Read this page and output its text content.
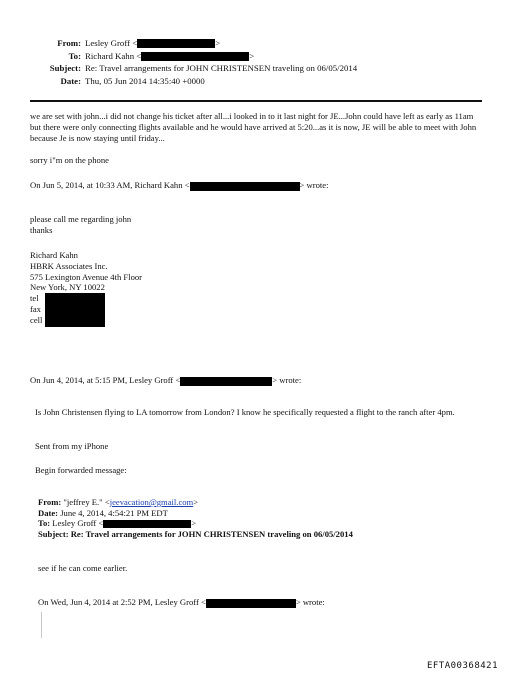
From: Lesley Groff <	>
To: Richard Kahn <	>
Subject: Re: Travel arrangements for JOHN CHRISTENSEN traveling on 06/05/2014
Date: Thu, 05 Jun 2014 14:35:40 +0000
we are set with john...i did not change his ticket after all...i looked in to it last night for JE...John could have left as early as 11am but there were only connecting flights available and he would have arrived at 5:20...as it is now, JE will be able to meet with John because Je is now staying until friday...
sorry i"m on the phone
On Jun 5, 2014, at 10:33 AM, Richard Kahn <	> wrote:
please call me regarding john
thanks
Richard Kahn
HBRK Associates Inc.
575 Lexington Avenue 4th Floor
New York, NY 10022
tel
fax
cell
On Jun 4, 2014, at 5:15 PM, Lesley Groff <	> wrote:
Is John Christensen flying to LA tomorrow from London? I know he specifically requested a flight to the ranch after 4pm.
Sent from my iPhone
Begin forwarded message:
From: "jeffrey E." <jeevacation@gmail.com>
Date: June 4, 2014, 4:54:21 PM EDT
To: Lesley Groff <	>
Subject: Re: Travel arrangements for JOHN CHRISTENSEN traveling on 06/05/2014
see if he can come earlier.
On Wed, Jun 4, 2014 at 2:52 PM, Lesley Groff <	> wrote:
EFTA00368421
